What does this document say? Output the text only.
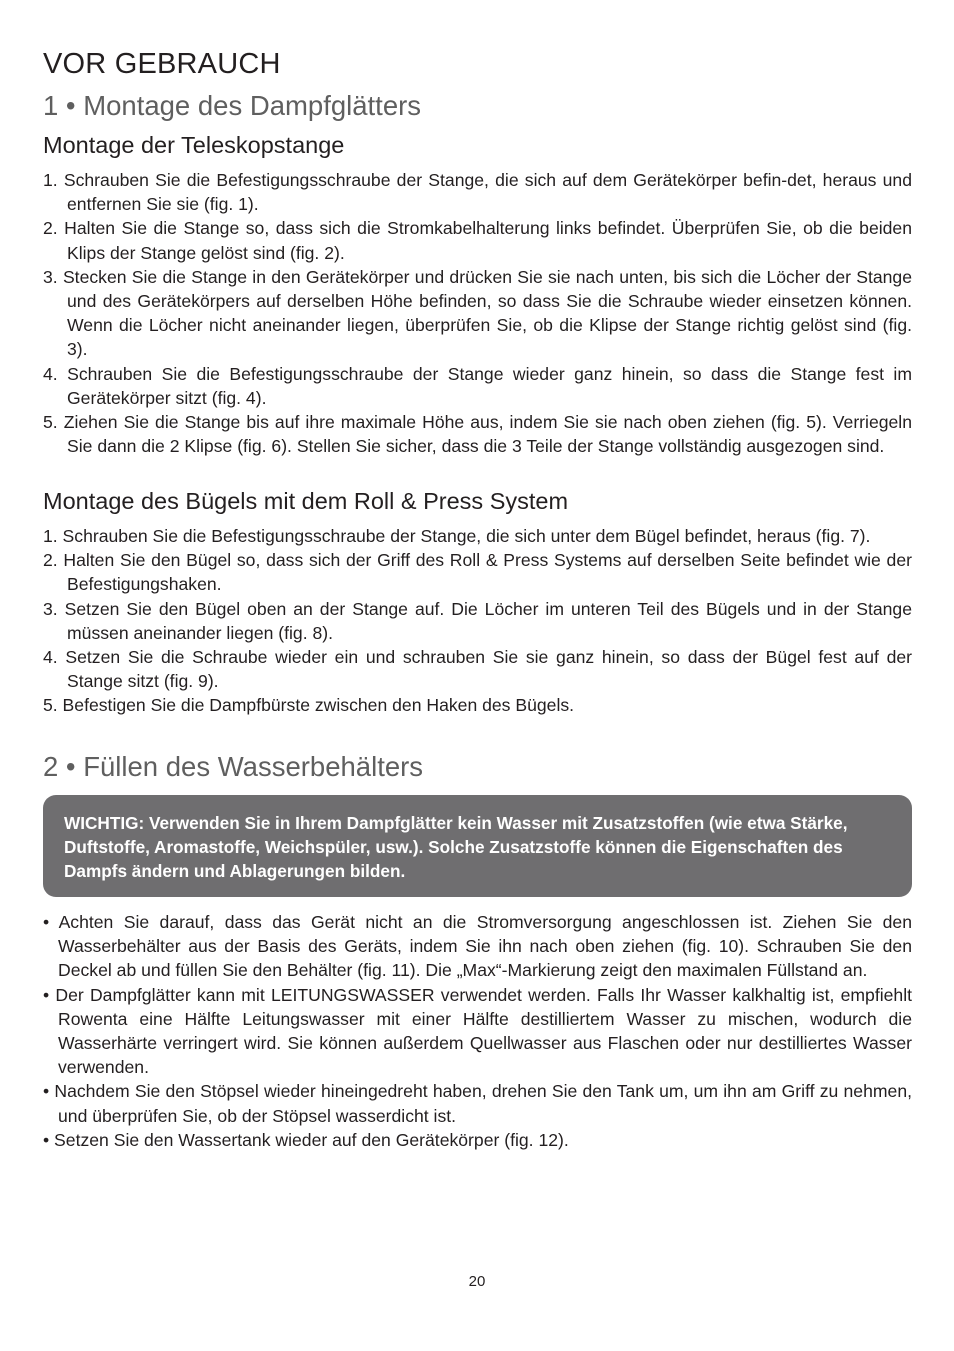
VOR GEBRAUCH
1 • Montage des Dampfglätters
Montage der Teleskopstange
1. Schrauben Sie die Befestigungsschraube der Stange, die sich auf dem Gerätekörper befin-det, heraus und entfernen Sie sie (fig. 1).
2. Halten Sie die Stange so, dass sich die Stromkabelhalterung links befindet. Überprüfen Sie, ob die beiden Klips der Stange gelöst sind (fig. 2).
3. Stecken Sie die Stange in den Gerätekörper und drücken Sie sie nach unten, bis sich die Löcher der Stange und des Gerätekörpers auf derselben Höhe befinden, so dass Sie die Schraube wieder einsetzen können. Wenn die Löcher nicht aneinander liegen, überprüfen Sie, ob die Klipse der Stange richtig gelöst sind (fig. 3).
4. Schrauben Sie die Befestigungsschraube der Stange wieder ganz hinein, so dass die Stange fest im Gerätekörper sitzt (fig. 4).
5. Ziehen Sie die Stange bis auf ihre maximale Höhe aus, indem Sie sie nach oben ziehen (fig. 5). Verriegeln Sie dann die 2 Klipse (fig. 6). Stellen Sie sicher, dass die 3 Teile der Stange vollständig ausgezogen sind.
Montage des Bügels mit dem Roll & Press System
1. Schrauben Sie die Befestigungsschraube der Stange, die sich unter dem Bügel befindet, heraus (fig. 7).
2. Halten Sie den Bügel so, dass sich der Griff des Roll & Press Systems auf derselben Seite befindet wie der Befestigungshaken.
3. Setzen Sie den Bügel oben an der Stange auf. Die Löcher im unteren Teil des Bügels und in der Stange müssen aneinander liegen (fig. 8).
4. Setzen Sie die Schraube wieder ein und schrauben Sie sie ganz hinein, so dass der Bügel fest auf der Stange sitzt (fig. 9).
5. Befestigen Sie die Dampfbürste zwischen den Haken des Bügels.
2 • Füllen des Wasserbehälters

WICHTIG: Verwenden Sie in Ihrem Dampfglätter kein Wasser mit Zusatzstoffen (wie etwa Stärke, Duftstoffe, Aromastoffe, Weichspüler, usw.). Solche Zusatzstoffe können die Eigenschaften des Dampfs ändern und Ablagerungen bilden.

• Achten Sie darauf, dass das Gerät nicht an die Stromversorgung angeschlossen ist. Ziehen Sie den Wasserbehälter aus der Basis des Geräts, indem Sie ihn nach oben ziehen (fig. 10). Schrauben Sie den Deckel ab und füllen Sie den Behälter (fig. 11). Die „Max“-Markierung zeigt den maximalen Füllstand an.
• Der Dampfglätter kann mit LEITUNGSWASSER verwendet werden. Falls Ihr Wasser kalkhaltig ist, empfiehlt Rowenta eine Hälfte Leitungswasser mit einer Hälfte destilliertem Wasser zu mischen, wodurch die Wasserhärte verringert wird. Sie können außerdem Quellwasser aus Flaschen oder nur destilliertes Wasser verwenden.
• Nachdem Sie den Stöpsel wieder hineingedreht haben, drehen Sie den Tank um, um ihn am Griff zu nehmen, und überprüfen Sie, ob der Stöpsel wasserdicht ist.
• Setzen Sie den Wassertank wieder auf den Gerätekörper (fig. 12).
20
